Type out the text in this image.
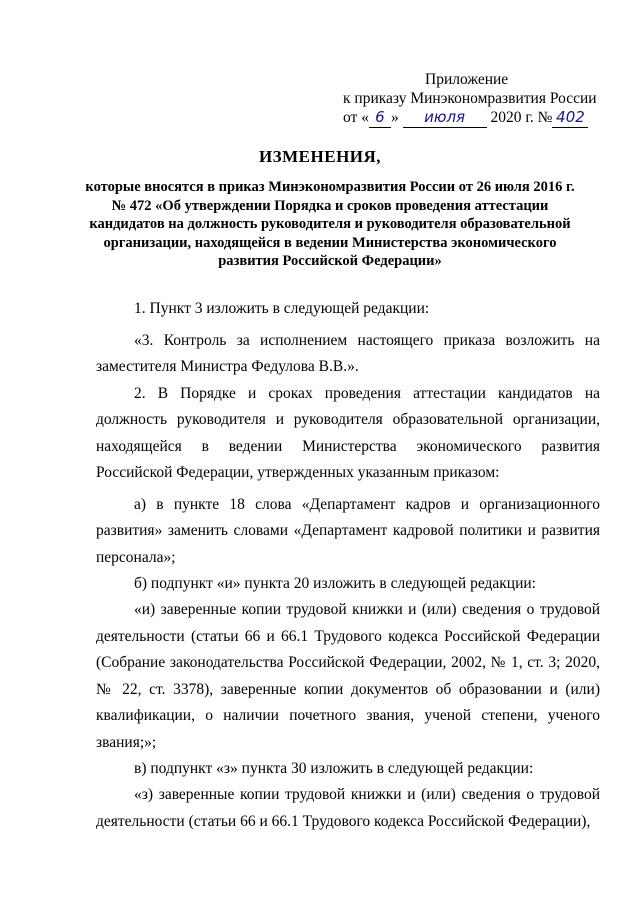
Приложение
к приказу Минэкономразвития России
от « 6 » июля 2020 г. № 402
ИЗМЕНЕНИЯ,
которые вносятся в приказ Минэкономразвития России от 26 июля 2016 г. № 472 «Об утверждении Порядка и сроков проведения аттестации кандидатов на должность руководителя и руководителя образовательной организации, находящейся в ведении Министерства экономического развития Российской Федерации»

1. Пункт 3 изложить в следующей редакции:

«3. Контроль за исполнением настоящего приказа возложить на заместителя Министра Федулова В.В.».

2. В Порядке и сроках проведения аттестации кандидатов на должность руководителя и руководителя образовательной организации, находящейся в ведении Министерства экономического развития Российской Федерации, утвержденных указанным приказом:

а) в пункте 18 слова «Департамент кадров и организационного развития» заменить словами «Департамент кадровой политики и развития персонала»;

б) подпункт «и» пункта 20 изложить в следующей редакции:

«и) заверенные копии трудовой книжки и (или) сведения о трудовой деятельности (статьи 66 и 66.1 Трудового кодекса Российской Федерации (Собрание законодательства Российской Федерации, 2002, № 1, ст. 3; 2020, № 22, ст. 3378), заверенные копии документов об образовании и (или) квалификации, о наличии почетного звания, ученой степени, ученого звания;»;

в) подпункт «з» пункта 30 изложить в следующей редакции:

«з) заверенные копии трудовой книжки и (или) сведения о трудовой деятельности (статьи 66 и 66.1 Трудового кодекса Российской Федерации),
